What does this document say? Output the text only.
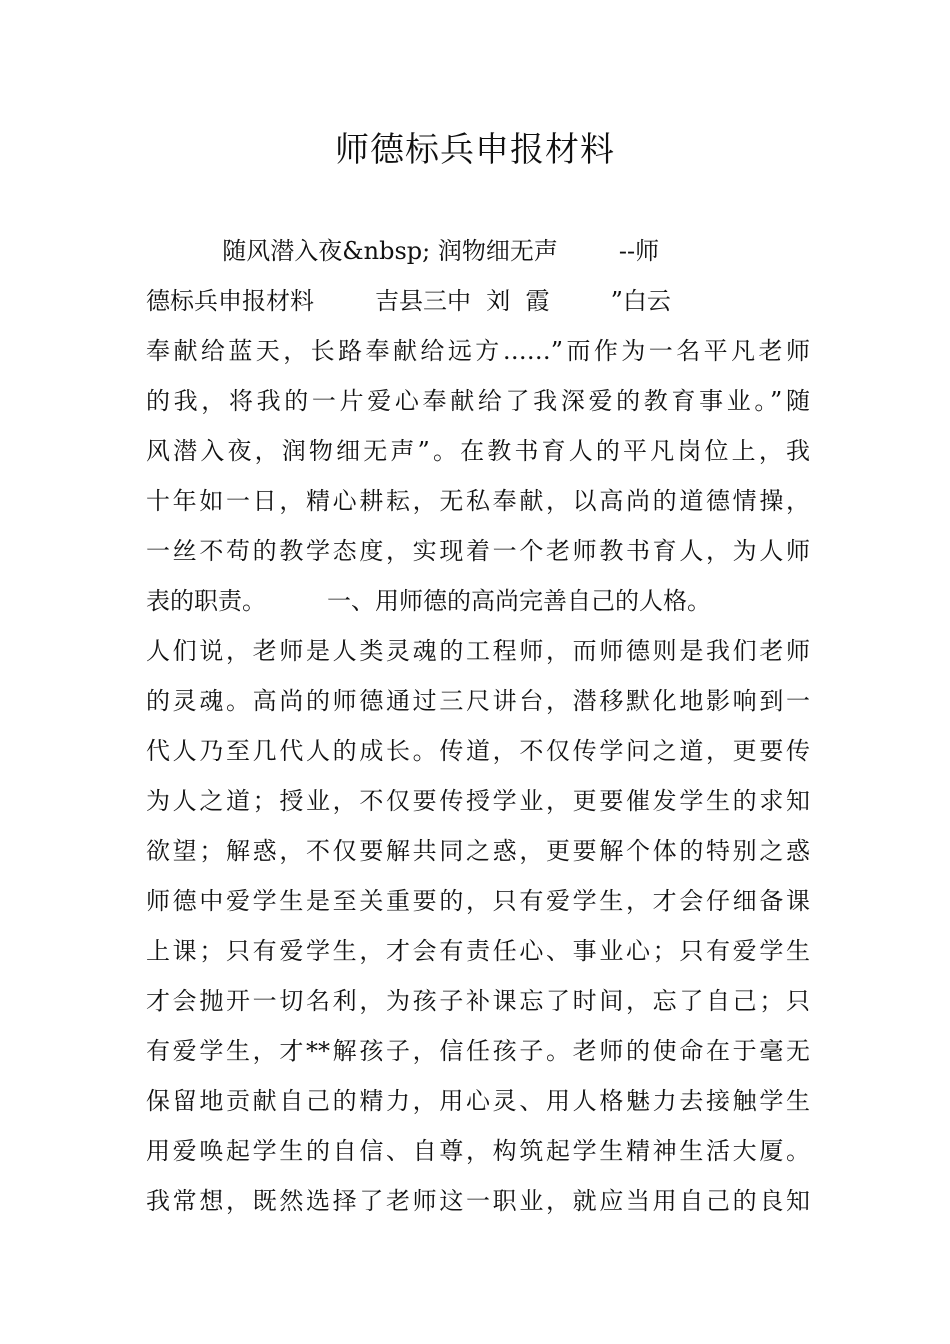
师德标兵申报材料
随风潜入夜&nbsp; 润物细无声        --师
德标兵申报材料        吉县三中  刘  霞        ”白云
奉献给蓝天，长路奉献给远方……”而作为一名平凡老师
的我，将我的一片爱心奉献给了我深爱的教育事业。”随
风潜入夜，润物细无声”。在教书育人的平凡岗位上，我
十年如一日，精心耕耘，无私奉献，以高尚的道德情操，
一丝不苟的教学态度，实现着一个老师教书育人，为人师
表的职责。        一、用师德的高尚完善自己的人格。
人们说，老师是人类灵魂的工程师，而师德则是我们老师
的灵魂。高尚的师德通过三尺讲台，潜移默化地影响到一
代人乃至几代人的成长。传道，不仅传学问之道，更要传
为人之道；授业，不仅要传授学业，更要催发学生的求知
欲望；解惑，不仅要解共同之惑，更要解个体的特别之惑
师德中爱学生是至关重要的，只有爱学生，才会仔细备课
上课；只有爱学生，才会有责任心、事业心；只有爱学生
才会抛开一切名利，为孩子补课忘了时间，忘了自己；只
有爱学生，才**解孩子，信任孩子。老师的使命在于毫无
保留地贡献自己的精力，用心灵、用人格魅力去接触学生
用爱唤起学生的自信、自尊，构筑起学生精神生活大厦。
我常想，既然选择了老师这一职业，就应当用自己的良知
